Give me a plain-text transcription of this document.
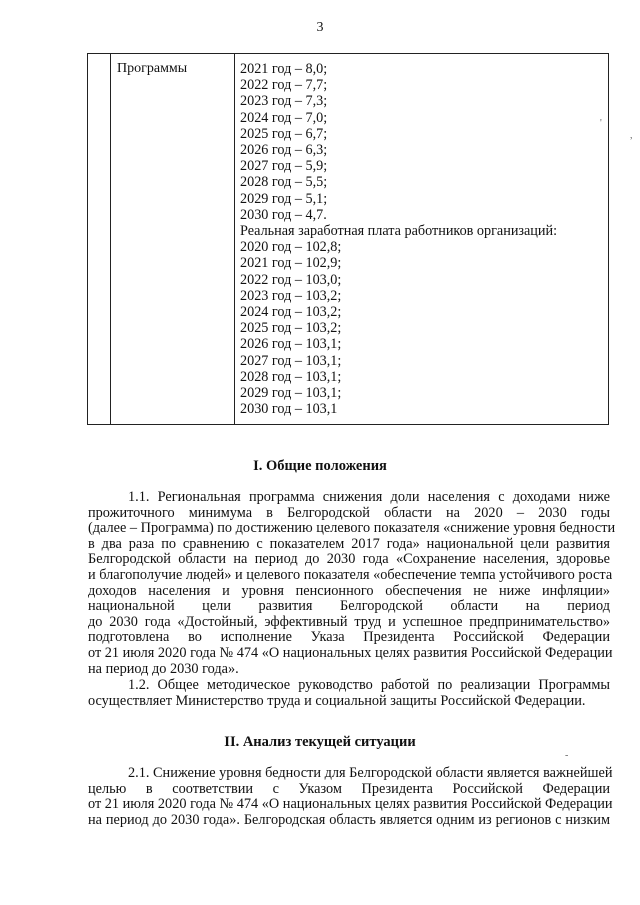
3
Программы	2021 год – 8,0;
2022 год – 7,7;
2023 год – 7,3;
2024 год – 7,0;
2025 год – 6,7;
2026 год – 6,3;
2027 год – 5,9;
2028 год – 5,5;
2029 год – 5,1;
2030 год – 4,7.
Реальная заработная плата работников организаций:
2020 год – 102,8;
2021 год – 102,9;
2022 год – 103,0;
2023 год – 103,2;
2024 год – 103,2;
2025 год – 103,2;
2026 год – 103,1;
2027 год – 103,1;
2028 год – 103,1;
2029 год – 103,1;
2030 год – 103,1
I. Общие положения
1.1. Региональная программа снижения доли населения с доходами ниже
прожиточного минимума в Белгородской области на 2020 – 2030 годы
(далее – Программа) по достижению целевого показателя «снижение уровня бедности
в два раза по сравнению с показателем 2017 года» национальной цели развития
Белгородской области на период до 2030 года «Сохранение населения, здоровье
и благополучие людей» и целевого показателя «обеспечение темпа устойчивого роста
доходов населения и уровня пенсионного обеспечения не ниже инфляции»
национальной цели развития Белгородской области на период
до 2030 года «Достойный, эффективный труд и успешное предпринимательство»
подготовлена во исполнение Указа Президента Российской Федерации
от 21 июля 2020 года № 474 «О национальных целях развития Российской Федерации
на период до 2030 года».
1.2. Общее методическое руководство работой по реализации Программы
осуществляет Министерство труда и социальной защиты Российской Федерации.
II. Анализ текущей ситуации
2.1. Снижение уровня бедности для Белгородской области является важнейшей
целью в соответствии с Указом Президента Российской Федерации
от 21 июля 2020 года № 474 «О национальных целях развития Российской Федерации
на период до 2030 года». Белгородская область является одним из регионов с низким
'
,
-
